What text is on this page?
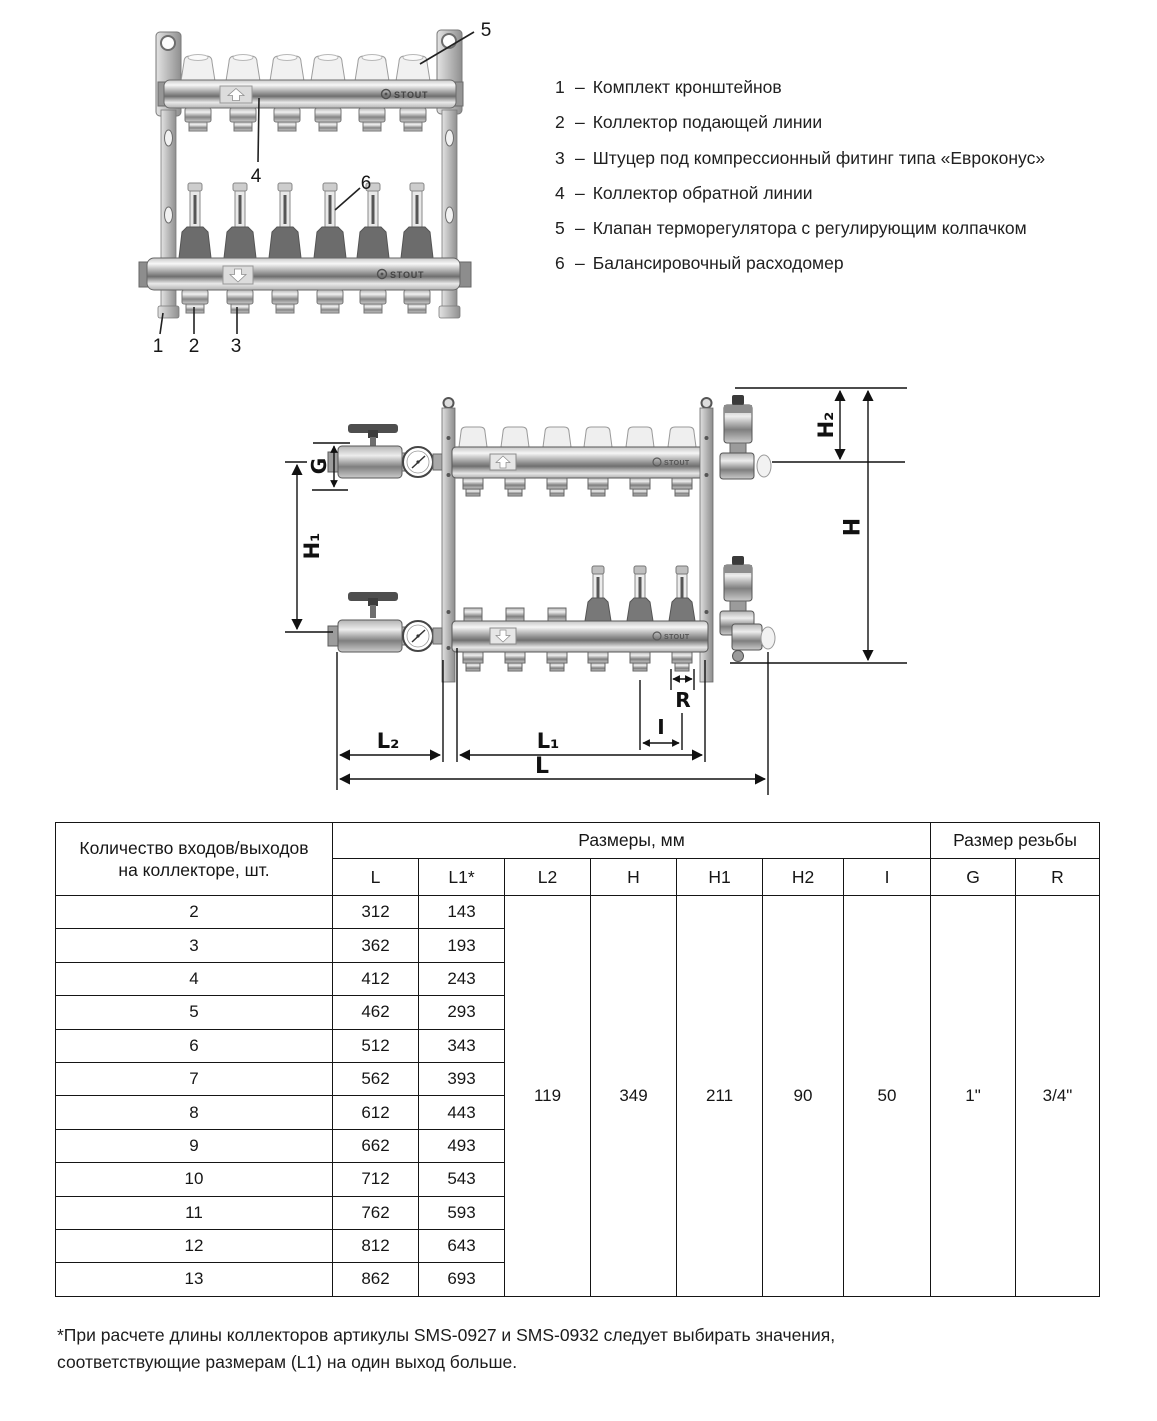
STOUT
STOUT
5
4	6
1 2 3
1 – Комплект кронштейнов
2 – Коллектор подающей линии
3 – Штуцер под компрессионный фитинг типа «Евроконус»
4 – Коллектор обратной линии
5 – Клапан терморегулятора с регулирующим колпачком
6 – Балансировочный расходомер
STOUT
STOUT
G
H₁
H₂
H
L₂	L₁
L
I
R
Количество входов/выходов
на коллекторе, шт.	Размеры, мм							Размер резьбы	
	L	L1*	L2	H	H1	H2	I	G	R
2	312	143	119	349	211	90	50	1"	3/4"
3	362	193							
4	412	243							
5	462	293							
6	512	343							
7	562	393							
8	612	443							
9	662	493							
10	712	543							
11	762	593							
12	812	643							
13	862	693							
*При расчете длины коллекторов артикулы SMS-0927 и SMS-0932 следует выбирать значения,
соответствующие размерам (L1) на один выход больше.
